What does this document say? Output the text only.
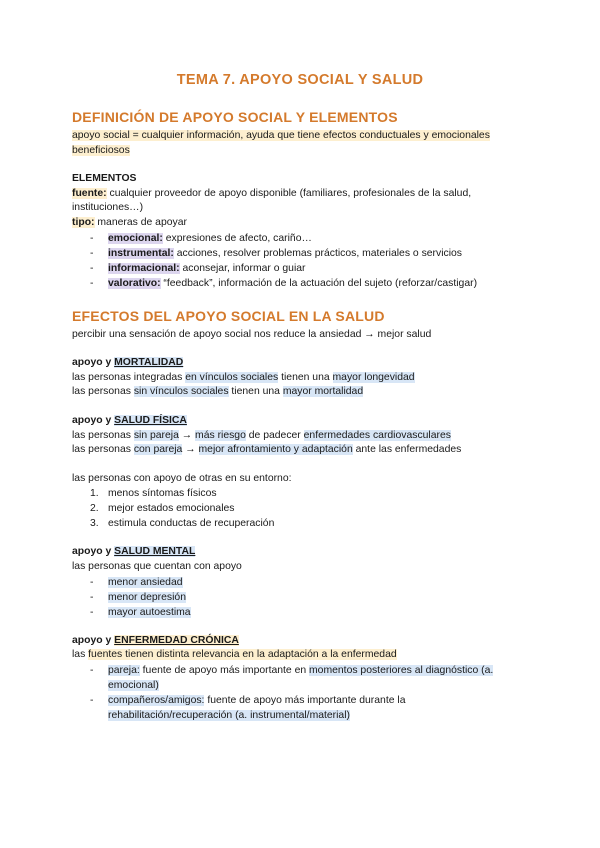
TEMA 7. APOYO SOCIAL Y SALUD
DEFINICIÓN DE APOYO SOCIAL Y ELEMENTOS

apoyo social = cualquier información, ayuda que tiene efectos conductuales y emocionales beneficiosos

ELEMENTOS

fuente: cualquier proveedor de apoyo disponible (familiares, profesionales de la salud, instituciones…)

tipo: maneras de apoyar

- emocional: expresiones de afecto, cariño…
- instrumental: acciones, resolver problemas prácticos, materiales o servicios
- informacional: aconsejar, informar o guiar
- valorativo: “feedback”, información de la actuación del sujeto (reforzar/castigar)
EFECTOS DEL APOYO SOCIAL EN LA SALUD

percibir una sensación de apoyo social nos reduce la ansiedad → mejor salud

apoyo y MORTALIDAD

las personas integradas en vínculos sociales tienen una mayor longevidad

las personas sin vínculos sociales tienen una mayor mortalidad

apoyo y SALUD FÍSICA

las personas sin pareja → más riesgo de padecer enfermedades cardiovasculares

las personas con pareja → mejor afrontamiento y adaptación ante las enfermedades

las personas con apoyo de otras en su entorno:

1. menos síntomas físicos
2. mejor estados emocionales
3. estimula conductas de recuperación

apoyo y SALUD MENTAL

las personas que cuentan con apoyo

- menor ansiedad
- menor depresión
- mayor autoestima

apoyo y ENFERMEDAD CRÓNICA

las fuentes tienen distinta relevancia en la adaptación a la enfermedad

- pareja: fuente de apoyo más importante en momentos posteriores al diagnóstico (a. emocional)
- compañeros/amigos: fuente de apoyo más importante durante la rehabilitación/recuperación (a. instrumental/material)
